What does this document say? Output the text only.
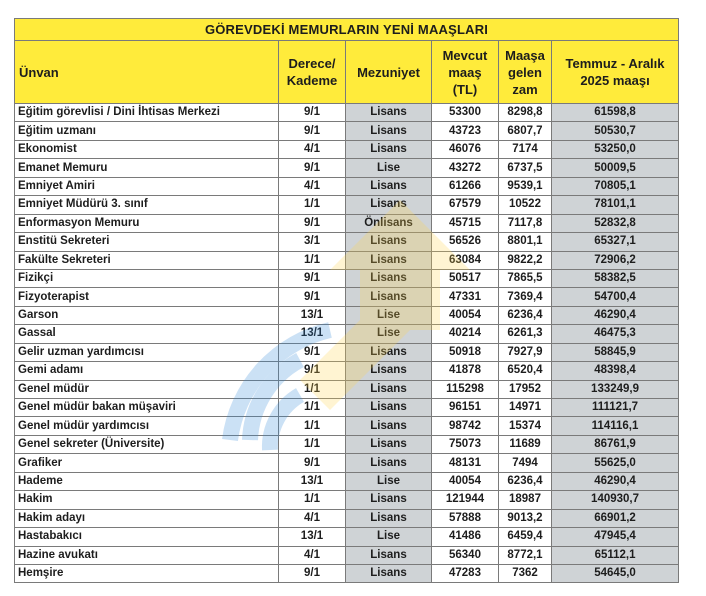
GÖREVDEKİ MEMURLARIN YENİ MAAŞLARI					
Ünvan	Derece/ Kademe	Mezuniyet	Mevcut maaş (TL)	Maaşa gelen zam	Temmuz - Aralık 2025 maaşı
Eğitim görevlisi / Dini İhtisas Merkezi	9/1	Lisans	53300	8298,8	61598,8
Eğitim uzmanı	9/1	Lisans	43723	6807,7	50530,7
Ekonomist	4/1	Lisans	46076	7174	53250,0
Emanet Memuru	9/1	Lise	43272	6737,5	50009,5
Emniyet Amiri	4/1	Lisans	61266	9539,1	70805,1
Emniyet Müdürü 3. sınıf	1/1	Lisans	67579	10522	78101,1
Enformasyon Memuru	9/1	Önlisans	45715	7117,8	52832,8
Enstitü Sekreteri	3/1	Lisans	56526	8801,1	65327,1
Fakülte Sekreteri	1/1	Lisans	63084	9822,2	72906,2
Fizikçi	9/1	Lisans	50517	7865,5	58382,5
Fizyoterapist	9/1	Lisans	47331	7369,4	54700,4
Garson	13/1	Lise	40054	6236,4	46290,4
Gassal	13/1	Lise	40214	6261,3	46475,3
Gelir uzman yardımcısı	9/1	Lisans	50918	7927,9	58845,9
Gemi adamı	9/1	Lisans	41878	6520,4	48398,4
Genel müdür	1/1	Lisans	115298	17952	133249,9
Genel müdür bakan müşaviri	1/1	Lisans	96151	14971	111121,7
Genel müdür yardımcısı	1/1	Lisans	98742	15374	114116,1
Genel sekreter (Üniversite)	1/1	Lisans	75073	11689	86761,9
Grafiker	9/1	Lisans	48131	7494	55625,0
Hademe	13/1	Lise	40054	6236,4	46290,4
Hakim	1/1	Lisans	121944	18987	140930,7
Hakim adayı	4/1	Lisans	57888	9013,2	66901,2
Hastabakıcı	13/1	Lise	41486	6459,4	47945,4
Hazine avukatı	4/1	Lisans	56340	8772,1	65112,1
Hemşire	9/1	Lisans	47283	7362	54645,0
